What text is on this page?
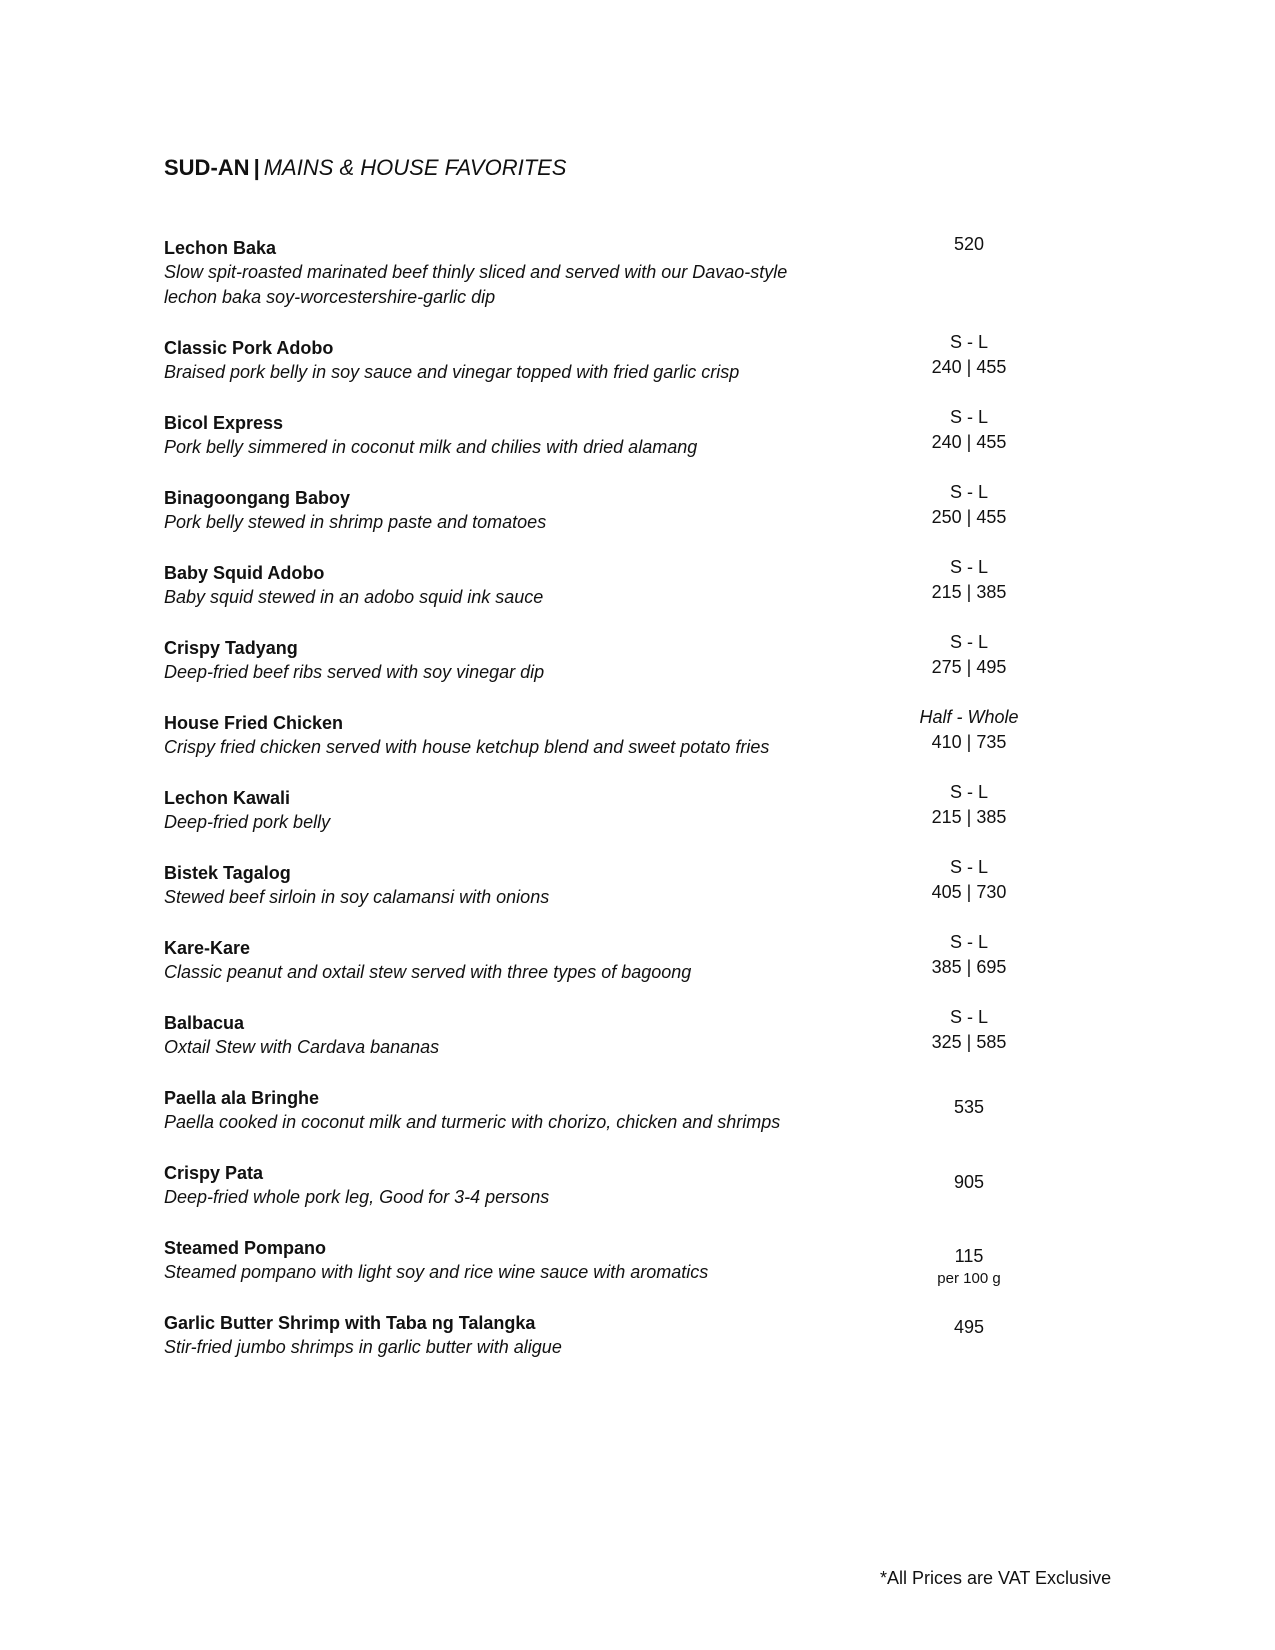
SUD-AN | MAINS & HOUSE FAVORITES
Lechon Baka
Slow spit-roasted marinated beef thinly sliced and served with our Davao-style
lechon baka soy-worcestershire-garlic dip
520
Classic Pork Adobo
Braised pork belly in soy sauce and vinegar topped with fried garlic crisp
S - L
240 | 455
Bicol Express
Pork belly simmered in coconut milk and chilies with dried alamang
S - L
240 | 455
Binagoongang Baboy
Pork belly stewed in shrimp paste and tomatoes
S - L
250 | 455
Baby Squid Adobo
Baby squid stewed in an adobo squid ink sauce
S - L
215 | 385
Crispy Tadyang
Deep-fried beef ribs served with soy vinegar dip
S - L
275 | 495
House Fried Chicken
Crispy fried chicken served with house ketchup blend and sweet potato fries
Half - Whole
410 | 735
Lechon Kawali
Deep-fried pork belly
S - L
215 | 385
Bistek Tagalog
Stewed beef sirloin in soy calamansi with onions
S - L
405 | 730
Kare-Kare
Classic peanut and oxtail stew served with three types of bagoong
S - L
385 | 695
Balbacua
Oxtail Stew with Cardava bananas
S - L
325 | 585
Paella ala Bringhe
Paella cooked in coconut milk and turmeric with chorizo, chicken and shrimps
535
Crispy Pata
Deep-fried whole pork leg, Good for 3-4 persons
905
Steamed Pompano
Steamed pompano with light soy and rice wine sauce with aromatics
115
per 100 g
Garlic Butter Shrimp with Taba ng Talangka
Stir-fried jumbo shrimps in garlic butter with aligue
495
*All Prices are VAT Exclusive
